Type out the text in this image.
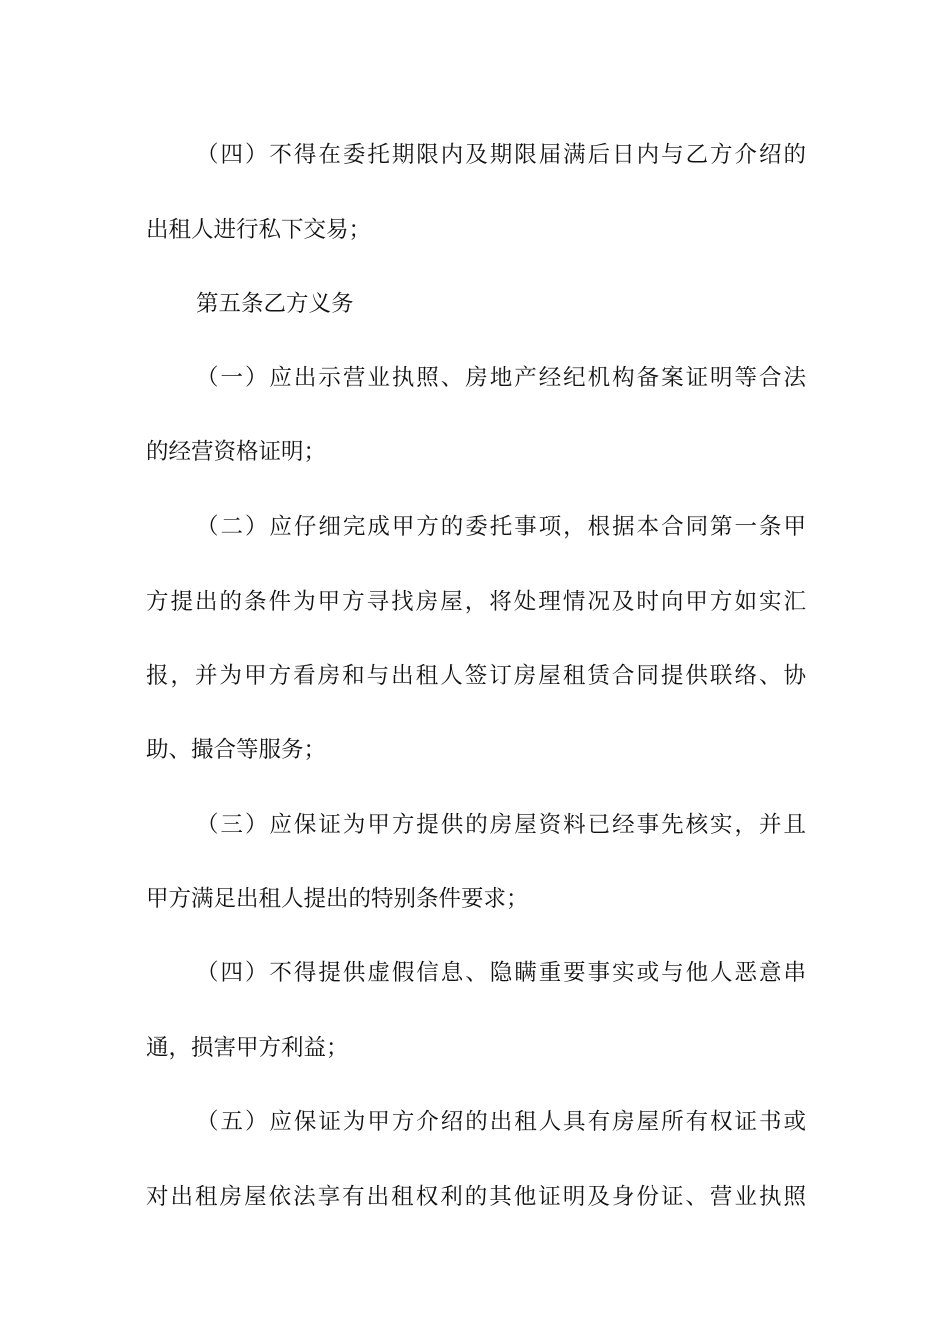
（四）不得在委托期限内及期限届满后日内与乙方介绍的
出租人进行私下交易；
第五条乙方义务
（一）应出示营业执照、房地产经纪机构备案证明等合法
的经营资格证明；
（二）应仔细完成甲方的委托事项，根据本合同第一条甲
方提出的条件为甲方寻找房屋，将处理情况及时向甲方如实汇
报，并为甲方看房和与出租人签订房屋租赁合同提供联络、协
助、撮合等服务；
（三）应保证为甲方提供的房屋资料已经事先核实，并且
甲方满足出租人提出的特别条件要求；
（四）不得提供虚假信息、隐瞒重要事实或与他人恶意串
通，损害甲方利益；
（五）应保证为甲方介绍的出租人具有房屋所有权证书或
对出租房屋依法享有出租权利的其他证明及身份证、营业执照
